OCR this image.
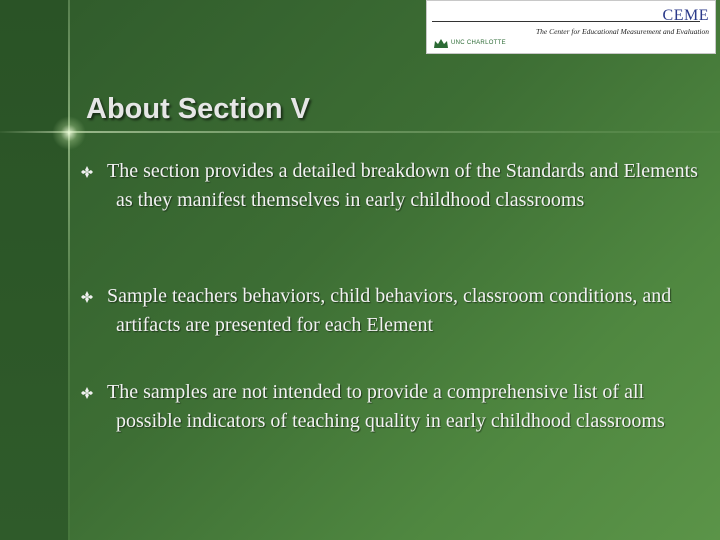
CEME
The Center for Educational Measurement and Evaluation
UNC CHARLOTTE
About Section V
The section provides a detailed breakdown of the Standards and Elements as they manifest themselves in early childhood classrooms
Sample teachers behaviors, child behaviors, classroom conditions, and artifacts are presented for each Element
The samples are not intended to provide a comprehensive list of all possible indicators of teaching quality in early childhood classrooms
